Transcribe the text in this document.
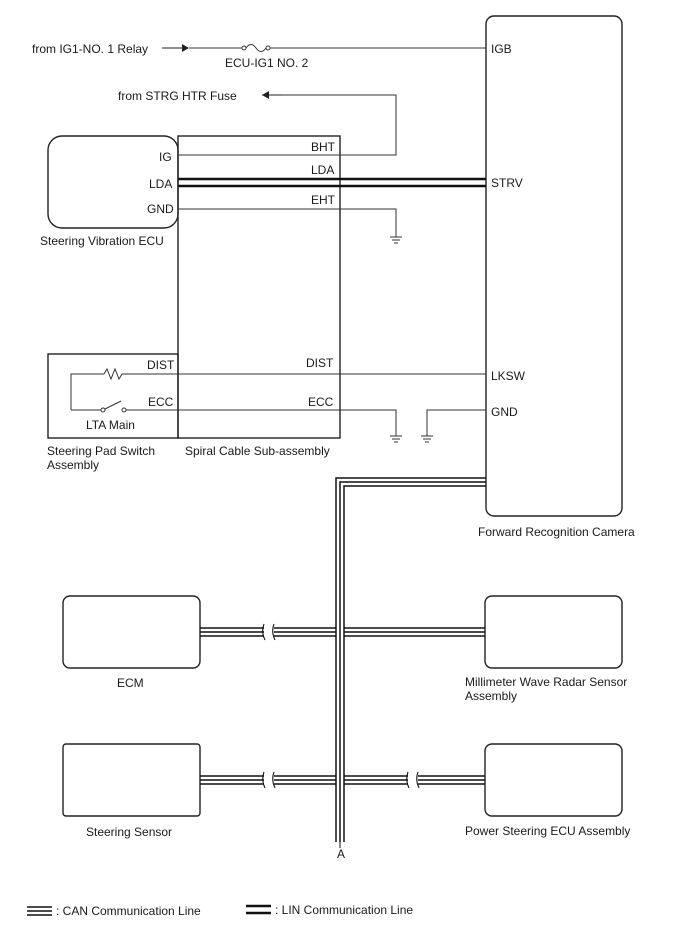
from IG1-NO. 1 Relay
ECU-IG1 NO. 2
from STRG HTR Fuse
IG
LDA
GND
Steering Vibration ECU
BHT
LDA
EHT
DIST
ECC
DIST
ECC
LTA Main
Steering Pad Switch
Assembly
Spiral Cable Sub-assembly
IGB
STRV
LKSW
GND
Forward Recognition Camera
ECM	Millimeter Wave Radar Sensor
Assembly
Steering Sensor	Power Steering ECU Assembly
A
: CAN Communication Line	: LIN Communication Line
